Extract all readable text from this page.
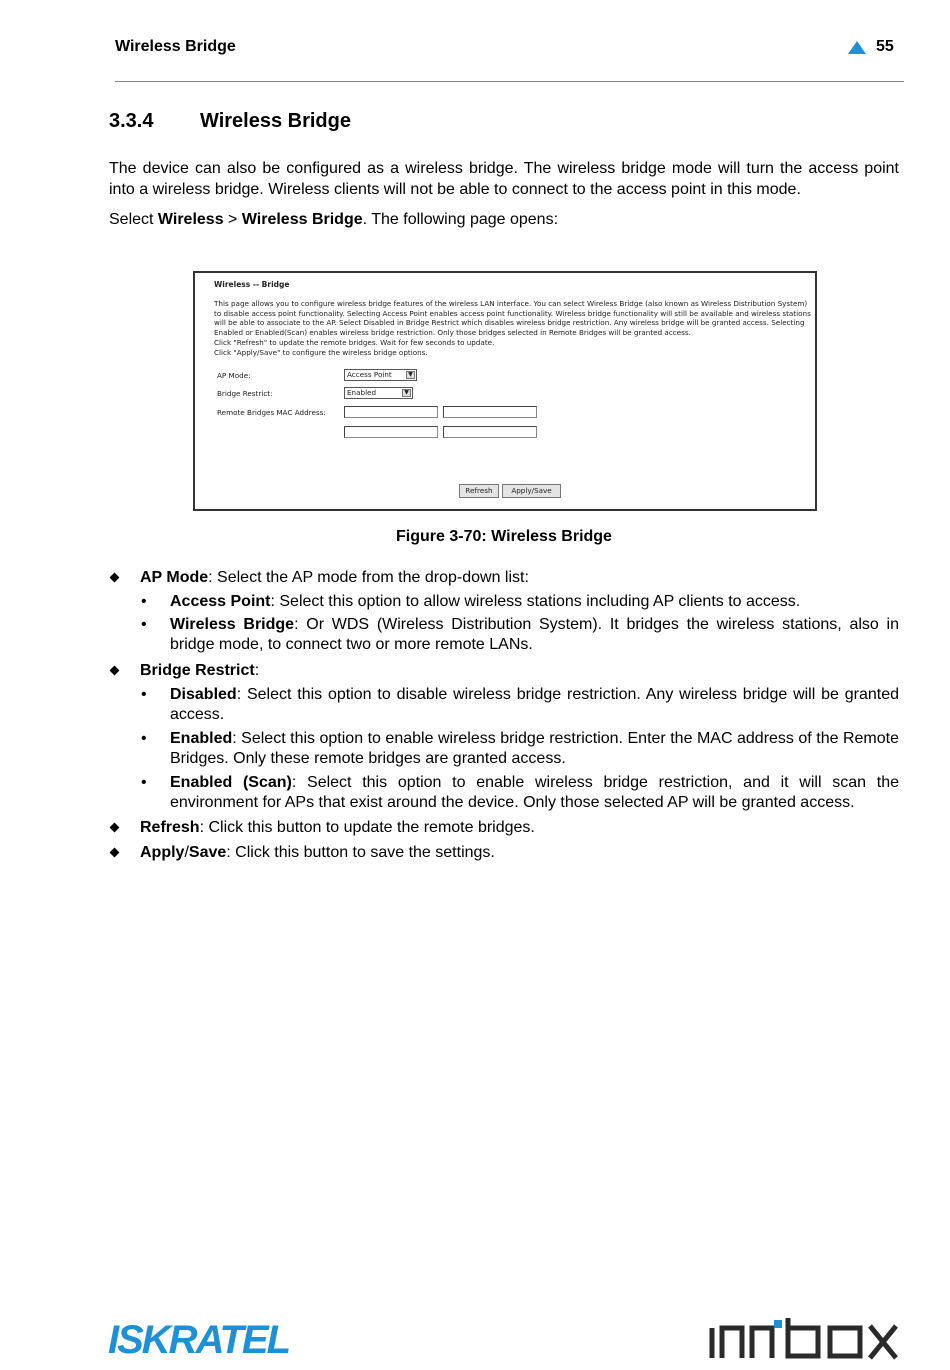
Wireless Bridge	55
3.3.4 Wireless Bridge
The device can also be configured as a wireless bridge. The wireless bridge mode will turn the access point into a wireless bridge. Wireless clients will not be able to connect to the access point in this mode.
Select Wireless > Wireless Bridge. The following page opens:
Wireless -- Bridge
This page allows you to configure wireless bridge features of the wireless LAN interface. You can select Wireless Bridge (also known as Wireless Distribution System)
to disable access point functionality. Selecting Access Point enables access point functionality. Wireless bridge functionality will still be available and wireless stations
will be able to associate to the AP. Select Disabled in Bridge Restrict which disables wireless bridge restriction. Any wireless bridge will be granted access. Selecting
Enabled or Enabled(Scan) enables wireless bridge restriction. Only those bridges selected in Remote Bridges will be granted access.
Click "Refresh" to update the remote bridges. Wait for few seconds to update.
Click "Apply/Save" to configure the wireless bridge options.
AP Mode:	Access Point	▼
Bridge Restrict:	Enabled	▼
Remote Bridges MAC Address:
Refresh	Apply/Save
Figure 3-70: Wireless Bridge
AP Mode: Select the AP mode from the drop-down list:
• Access Point: Select this option to allow wireless stations including AP clients to access.
• Wireless Bridge: Or WDS (Wireless Distribution System). It bridges the wireless stations, also in bridge mode, to connect two or more remote LANs.
Bridge Restrict:
• Disabled: Select this option to disable wireless bridge restriction. Any wireless bridge will be granted access.
• Enabled: Select this option to enable wireless bridge restriction. Enter the MAC address of the Remote Bridges. Only these remote bridges are granted access.
• Enabled (Scan): Select this option to enable wireless bridge restriction, and it will scan the environment for APs that exist around the device. Only those selected AP will be granted access.
Refresh: Click this button to update the remote bridges.
Apply/Save: Click this button to save the settings.
ISKRATEL
